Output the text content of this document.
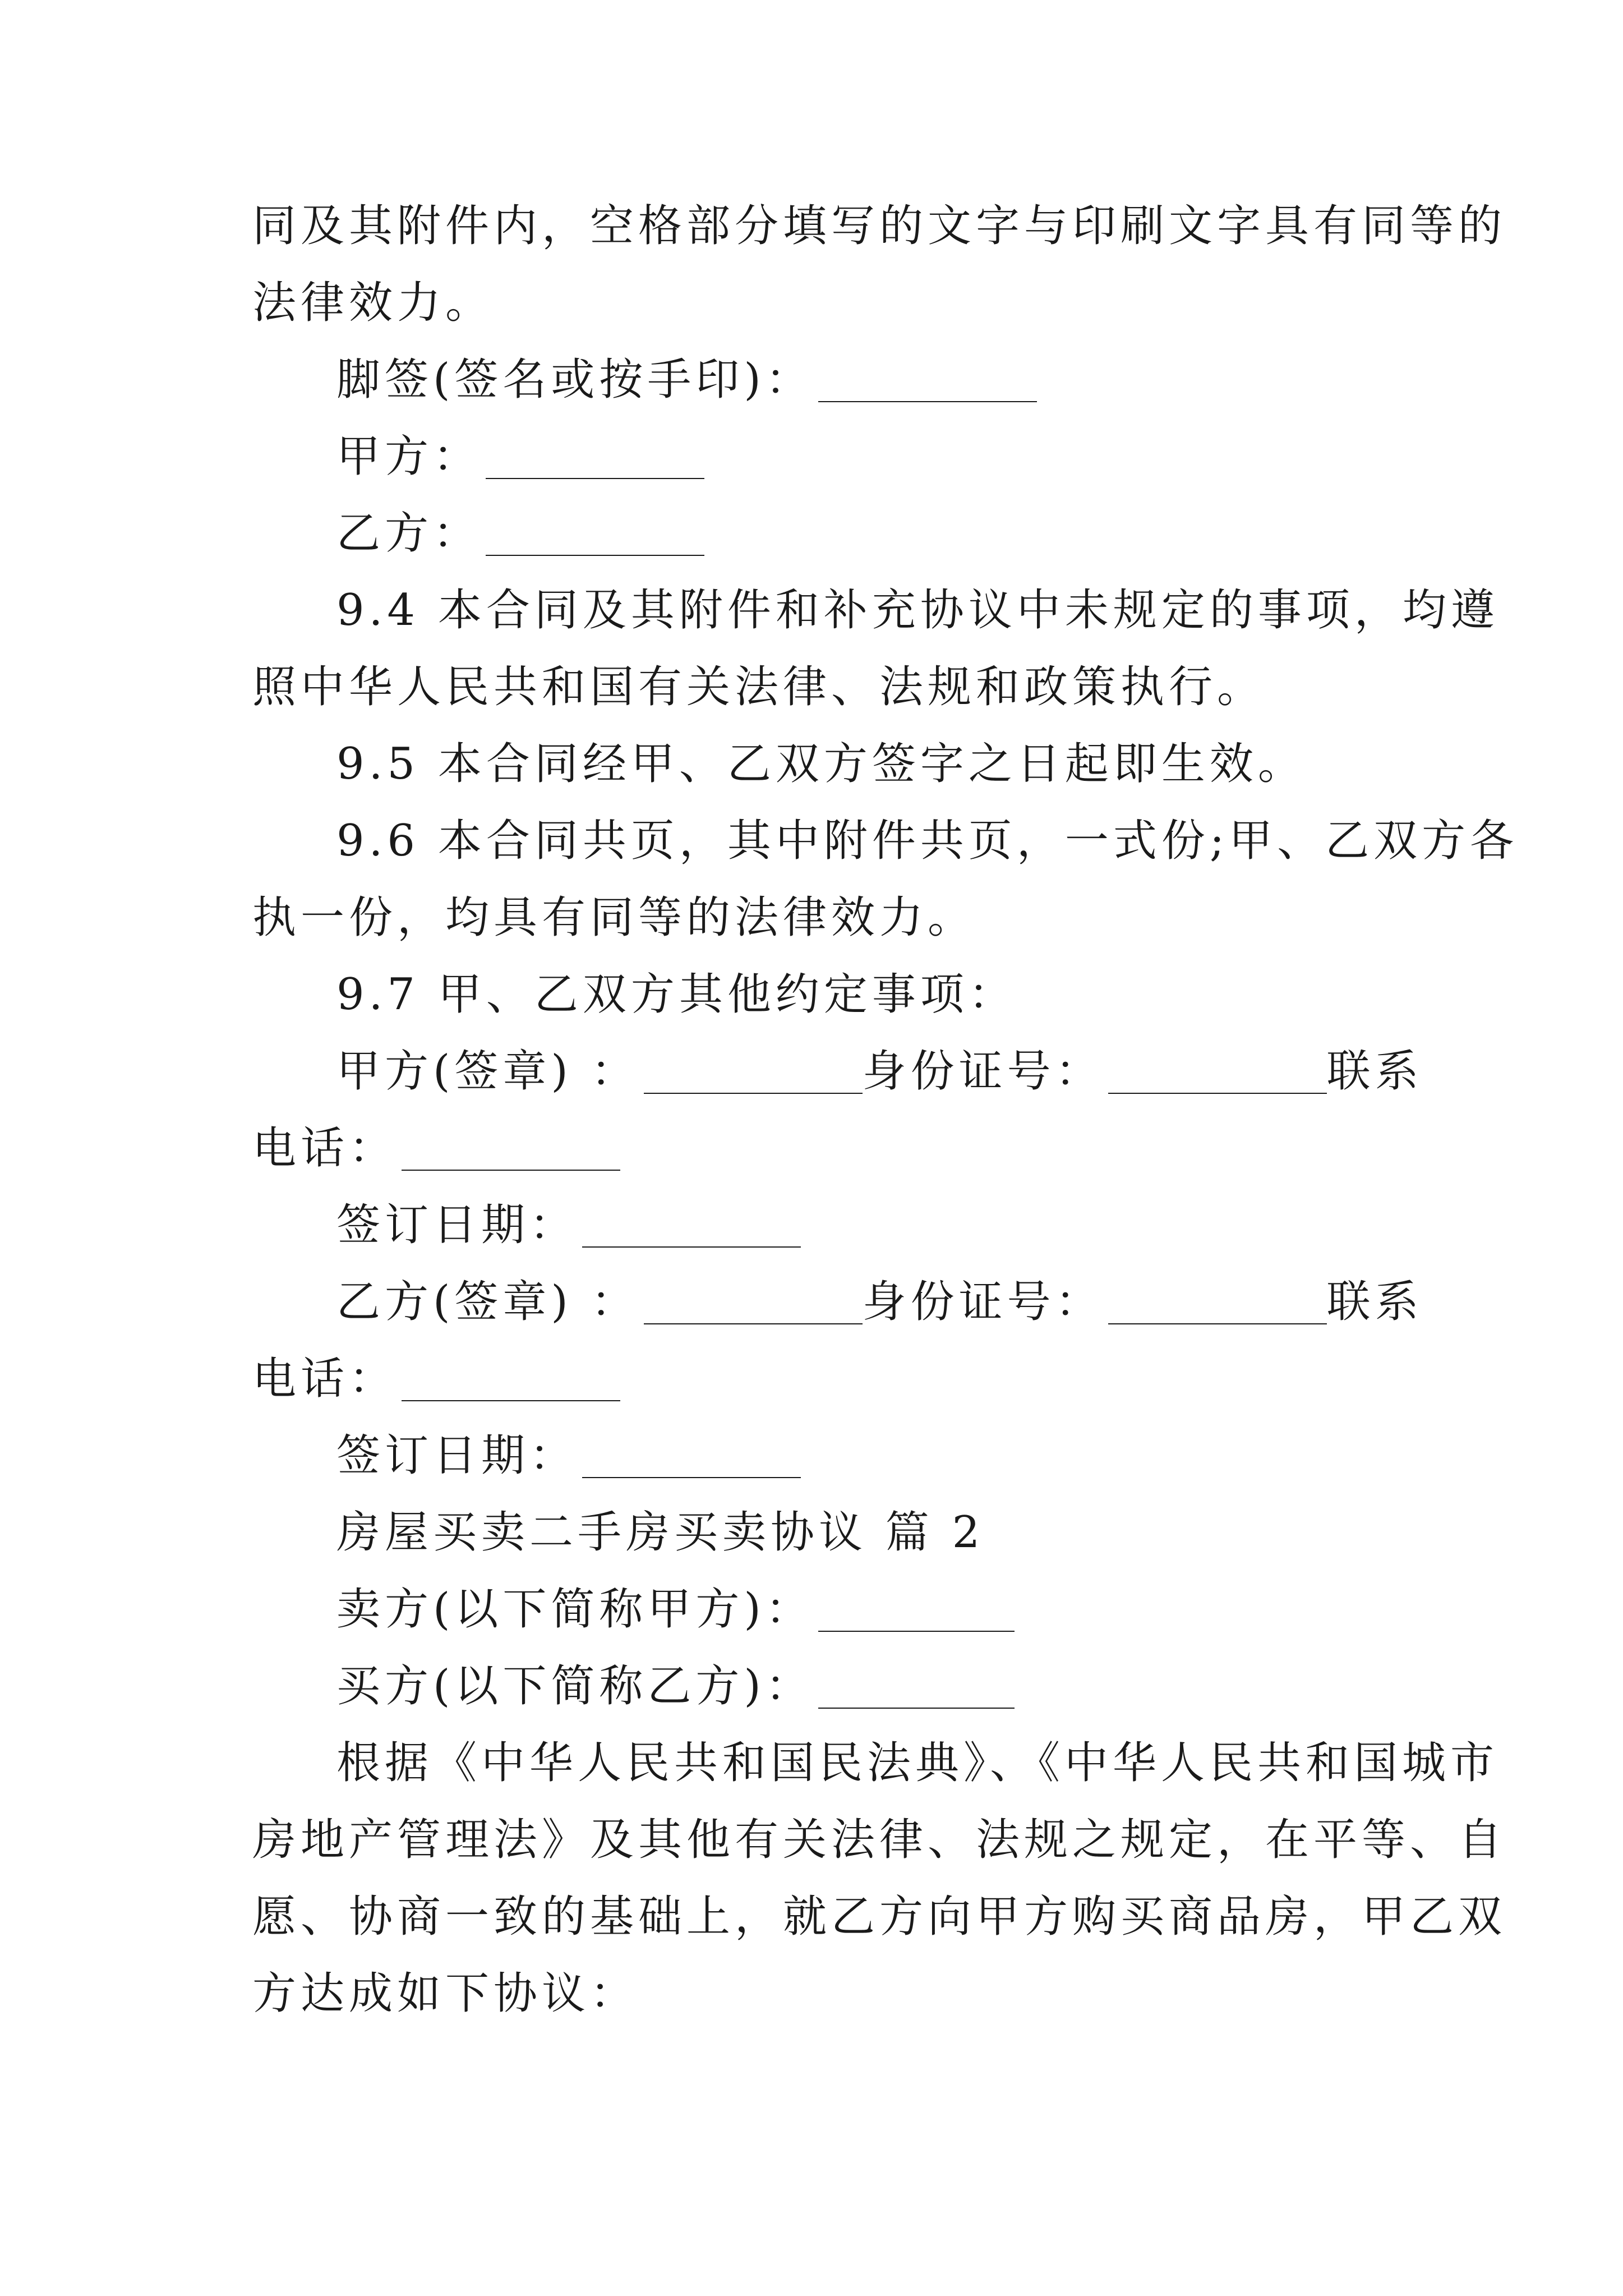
同及其附件内，空格部分填写的文字与印刷文字具有同等的
法律效力。
脚签(签名或按手印)：
甲方：
乙方：
9.4 本合同及其附件和补充协议中未规定的事项，均遵
照中华人民共和国有关法律、法规和政策执行。
9.5 本合同经甲、乙双方签字之日起即生效。
9.6 本合同共页，其中附件共页，一式份;甲、乙双方各
执一份，均具有同等的法律效力。
9.7 甲、乙双方其他约定事项：
甲方(签章) ：	身份证号：	联系
电话：
签订日期：
乙方(签章) ：	身份证号：	联系
电话：
签订日期：
房屋买卖二手房买卖协议 篇 2
卖方(以下简称甲方)：
买方(以下简称乙方)：
根据《中华人民共和国民法典》、《中华人民共和国城市
房地产管理法》及其他有关法律、法规之规定，在平等、自
愿、协商一致的基础上，就乙方向甲方购买商品房，甲乙双
方达成如下协议：
